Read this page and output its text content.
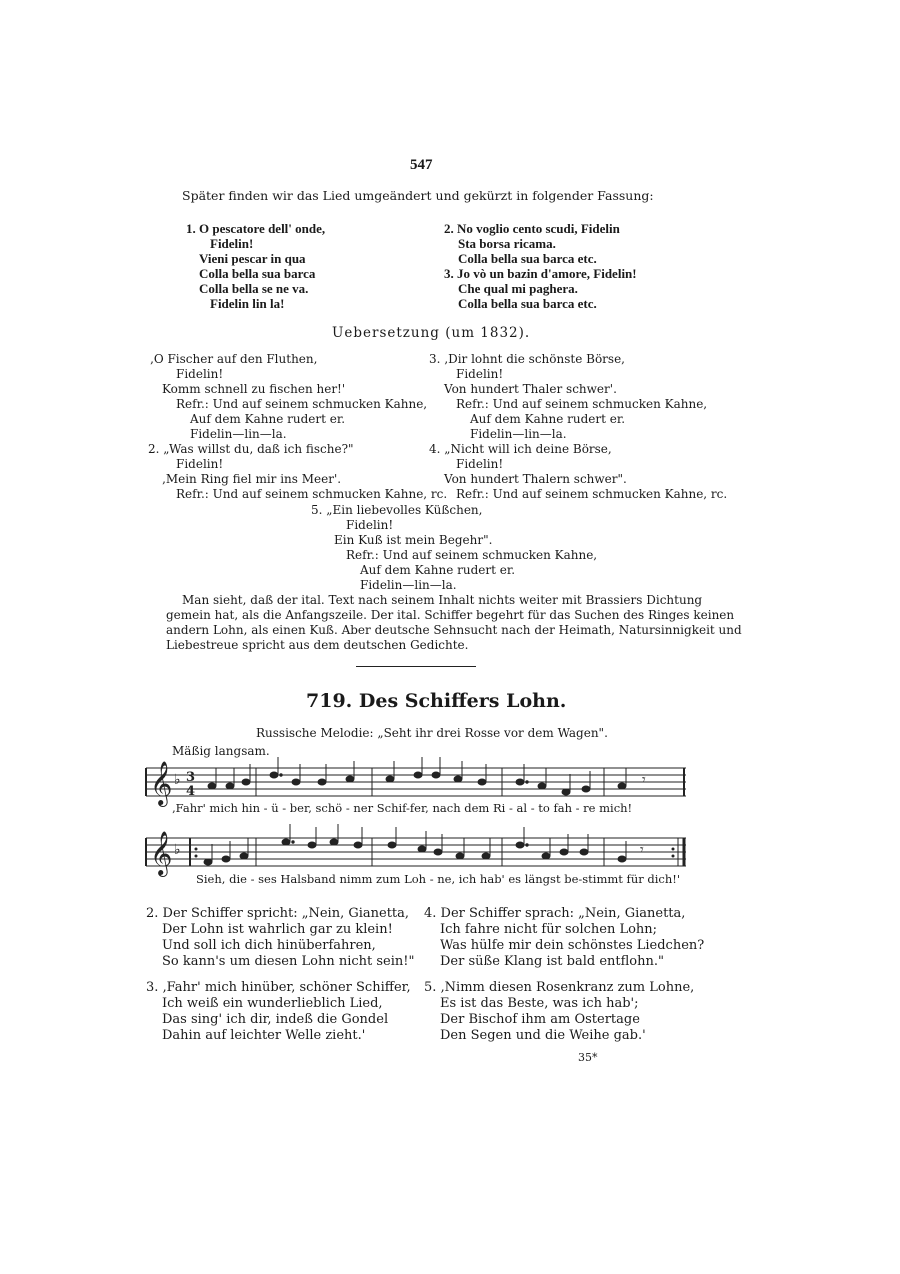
547
Später finden wir das Lied umgeändert und gekürzt in folgender Fassung:
1. O pescatore dell' onde,
Fidelin!
Vieni pescar in qua
Colla bella sua barca
Colla bella se ne va.
Fidelin lin la!
2. No voglio cento scudi, Fidelin
Sta borsa ricama.
Colla bella sua barca etc.
3. Jo vò un bazin d'amore, Fidelin!
Che qual mi paghera.
Colla bella sua barca etc.
Uebersetzung (um 1832).
‚O Fischer auf den Fluthen,
Fidelin!
Komm schnell zu fischen her!'
Refr.: Und auf seinem schmucken Kahne,
Auf dem Kahne rudert er.
Fidelin—lin—la.
2. „Was willst du, daß ich fische?"
Fidelin!
‚Mein Ring fiel mir ins Meer'.
Refr.: Und auf seinem schmucken Kahne, rc.
3. ‚Dir lohnt die schönste Börse,
Fidelin!
Von hundert Thaler schwer'.
Refr.: Und auf seinem schmucken Kahne,
Auf dem Kahne rudert er.
Fidelin—lin—la.
4. „Nicht will ich deine Börse,
Fidelin!
Von hundert Thalern schwer".
Refr.: Und auf seinem schmucken Kahne, rc.
5. „Ein liebevolles Küßchen,
Fidelin!
Ein Kuß ist mein Begehr".
Refr.: Und auf seinem schmucken Kahne,
Auf dem Kahne rudert er.
Fidelin—lin—la.
Man sieht, daß der ital. Text nach seinem Inhalt nichts weiter mit Brassiers Dichtung
gemein hat, als die Anfangszeile. Der ital. Schiffer begehrt für das Suchen des Ringes keinen
andern Lohn, als einen Kuß. Aber deutsche Sehnsucht nach der Heimath, Natursinnigkeit und
Liebestreue spricht aus dem deutschen Gedichte.
719. Des Schiffers Lohn.
Russische Melodie: „Seht ihr drei Rosse vor dem Wagen".
Mäßig langsam.
𝄞 ♭ 3
4
𝄾
‚Fahr' mich hin - ü - ber, schö - ner Schif-fer, nach dem Ri - al - to fah - re mich!
𝄞 ♭	𝄾
Sieh, die - ses Halsband nimm zum Loh - ne, ich hab' es längst be-stimmt für dich!'
2. Der Schiffer spricht: „Nein, Gianetta,
Der Lohn ist wahrlich gar zu klein!
Und soll ich dich hinüberfahren,
So kann's um diesen Lohn nicht sein!"
3. ‚Fahr' mich hinüber, schöner Schiffer,
Ich weiß ein wunderlieblich Lied,
Das sing' ich dir, indeß die Gondel
Dahin auf leichter Welle zieht.'
4. Der Schiffer sprach: „Nein, Gianetta,
Ich fahre nicht für solchen Lohn;
Was hülfe mir dein schönstes Liedchen?
Der süße Klang ist bald entflohn."
5. ‚Nimm diesen Rosenkranz zum Lohne,
Es ist das Beste, was ich hab';
Der Bischof ihm am Ostertage
Den Segen und die Weihe gab.'
35*
